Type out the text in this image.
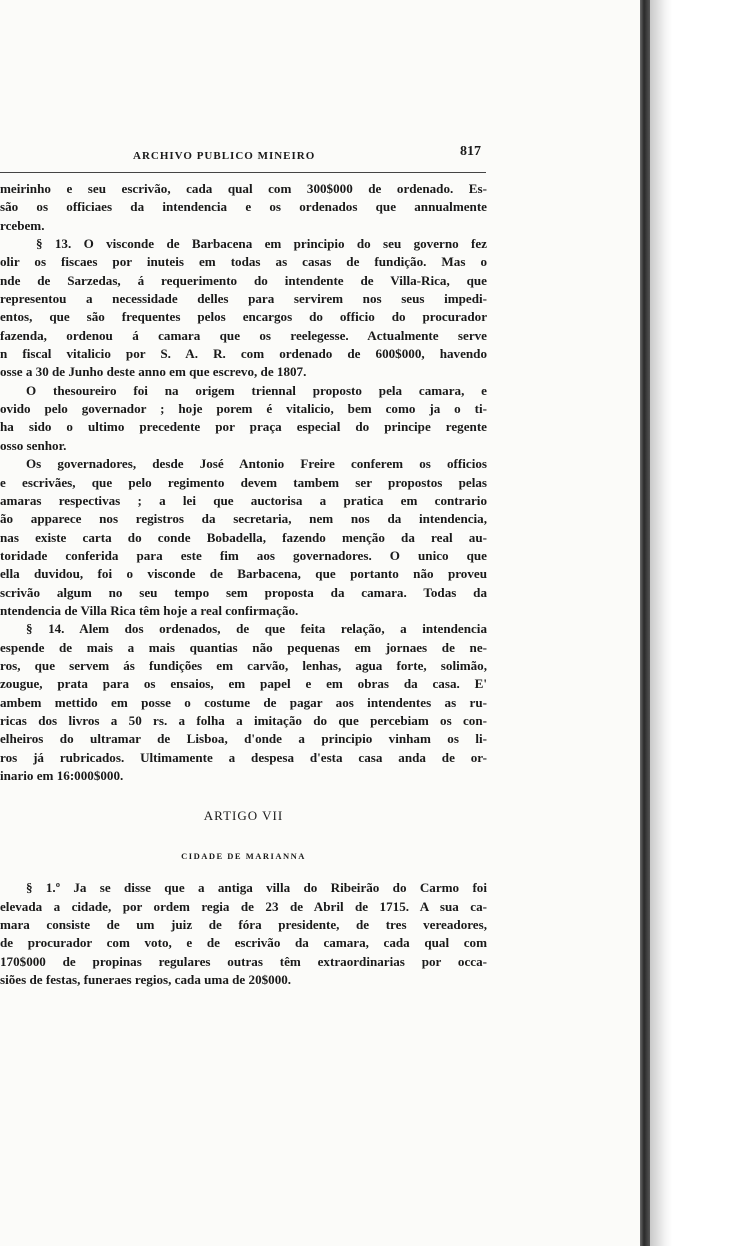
ARCHIVO PUBLICO MINEIRO	817
meirinho e seu escrivão, cada qual com 300$000 de ordenado. Es-
são os officiaes da intendencia e os ordenados que annualmente
rcebem.
§ 13. O visconde de Barbacena em principio do seu governo fez
olir os fiscaes por inuteis em todas as casas de fundição. Mas o
nde de Sarzedas, á requerimento do intendente de Villa-Rica, que
representou a necessidade delles para servirem nos seus impedi-
entos, que são frequentes pelos encargos do officio do procurador
fazenda, ordenou á camara que os reelegesse. Actualmente serve
n fiscal vitalicio por S. A. R. com ordenado de 600$000, havendo
osse a 30 de Junho deste anno em que escrevo, de 1807.
O thesoureiro foi na origem triennal proposto pela camara, e
ovido pelo governador ; hoje porem é vitalicio, bem como ja o ti-
ha sido o ultimo precedente por praça especial do principe regente
osso senhor.
Os governadores, desde José Antonio Freire conferem os officios
e escrivães, que pelo regimento devem tambem ser propostos pelas
amaras respectivas ; a lei que auctorisa a pratica em contrario
ão apparece nos registros da secretaria, nem nos da intendencia,
nas existe carta do conde Bobadella, fazendo menção da real au-
toridade conferida para este fim aos governadores. O unico que
ella duvidou, foi o visconde de Barbacena, que portanto não proveu
scrivão algum no seu tempo sem proposta da camara. Todas da
ntendencia de Villa Rica têm hoje a real confirmação.
§ 14. Alem dos ordenados, de que feita relação, a intendencia
espende de mais a mais quantias não pequenas em jornaes de ne-
ros, que servem ás fundições em carvão, lenhas, agua forte, solimão,
zougue, prata para os ensaios, em papel e em obras da casa. E'
ambem mettido em posse o costume de pagar aos intendentes as ru-
ricas dos livros a 50 rs. a folha a imitação do que percebiam os con-
elheiros do ultramar de Lisboa, d'onde a principio vinham os li-
ros já rubricados. Ultimamente a despesa d'esta casa anda de or-
inario em 16:000$000.
ARTIGO VII
CIDADE DE MARIANNA
§ 1.º Ja se disse que a antiga villa do Ribeirão do Carmo foi
elevada a cidade, por ordem regia de 23 de Abril de 1715. A sua ca-
mara consiste de um juiz de fóra presidente, de tres vereadores,
de procurador com voto, e de escrivão da camara, cada qual com
170$000 de propinas regulares outras têm extraordinarias por occa-
siões de festas, funeraes regios, cada uma de 20$000.
